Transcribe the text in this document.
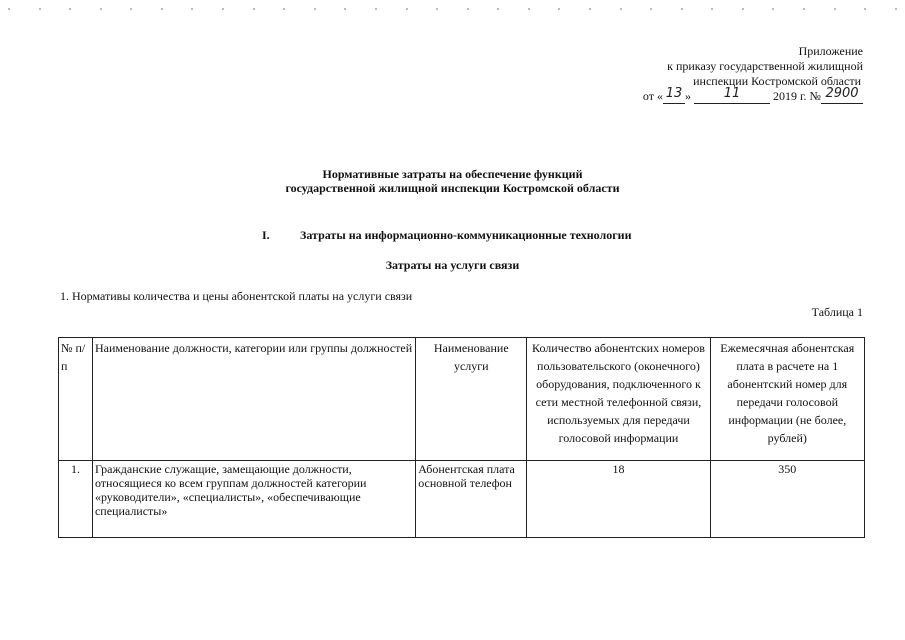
Приложение
к приказу государственной жилищной
инспекции Костромской области
от « 13 »	11	2019 г. № 2900
Нормативные затраты на обеспечение функций
государственной жилищной инспекции Костромской области
I.	Затраты на информационно-коммуникационные технологии
Затраты на услуги связи
1. Нормативы количества и цены абонентской платы на услуги связи
Таблица 1
№ п/п	Наименование должности, категории или группы должностей	Наименование услуги	Количество абонентских номеров пользовательского (оконечного) оборудования, подключенного к сети местной телефонной связи, используемых для передачи голосовой информации	Ежемесячная абонентская плата в расчете на 1 абонентский номер для передачи голосовой информации (не более, рублей)
1.	Гражданские служащие, замещающие должности, относящиеся ко всем группам должностей категории «руководители», «специалисты», «обеспечивающие специалисты»	Абонентская плата основной телефон	18	350
